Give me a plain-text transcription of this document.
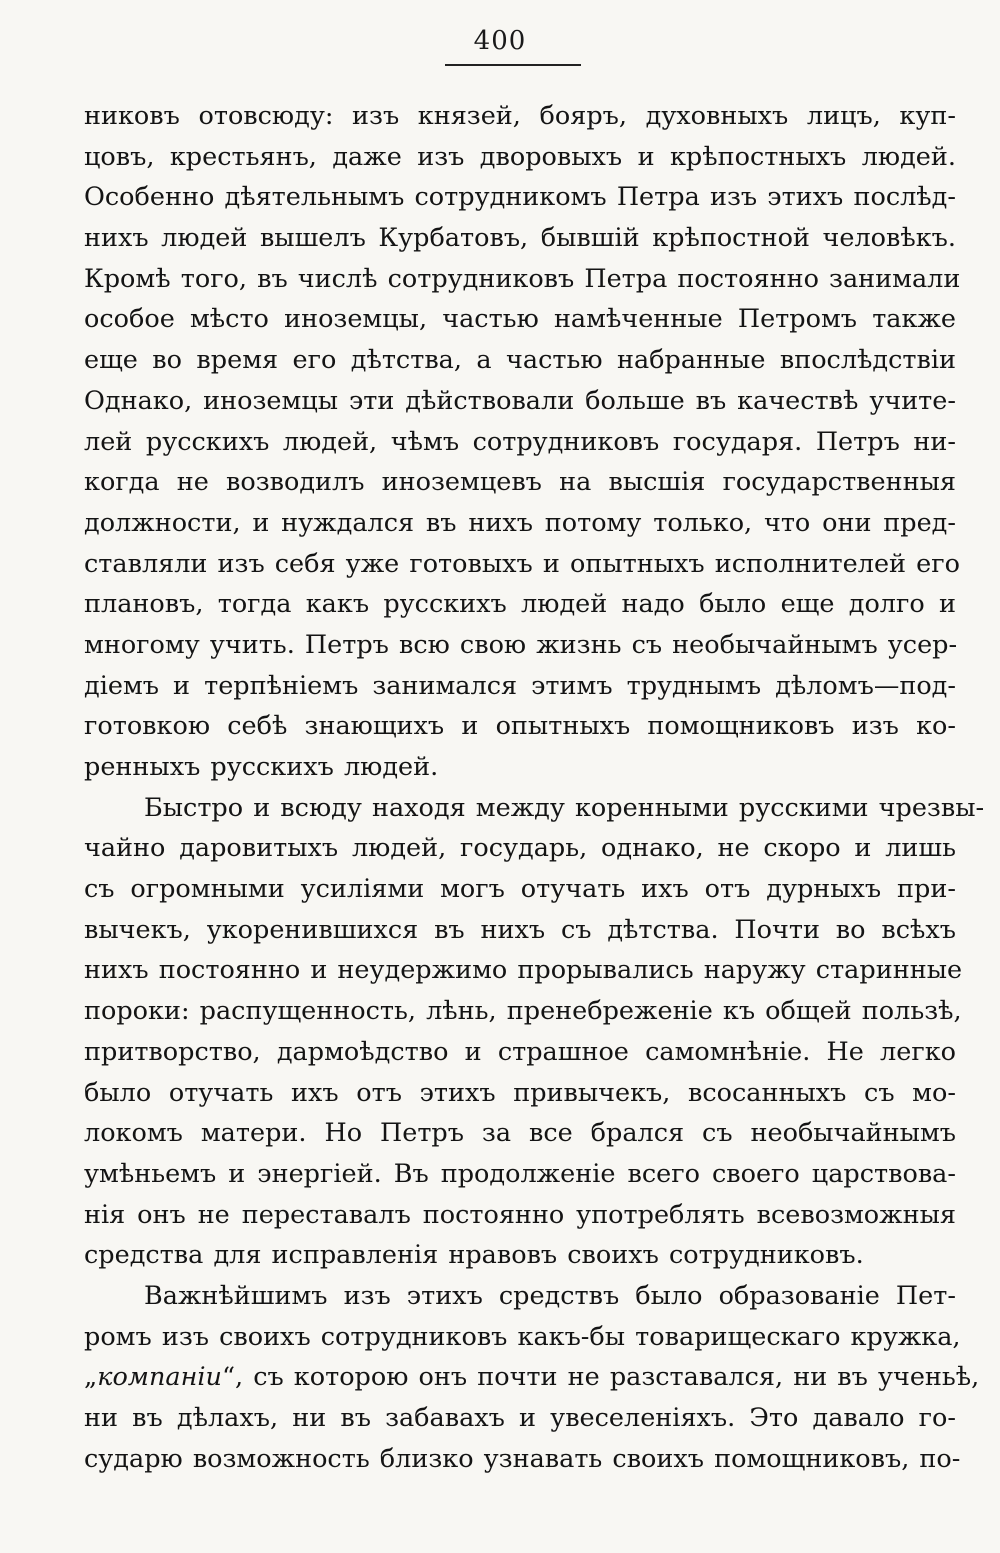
400
никовъ отовсюду: изъ князей, бояръ, духовныхъ лицъ, куп-
цовъ, крестьянъ, даже изъ дворовыхъ и крѣпостныхъ людей.
Особенно дѣятельнымъ сотрудникомъ Петра изъ этихъ послѣд-
нихъ людей вышелъ Курбатовъ, бывшій крѣпостной человѣкъ.
Кромѣ того, въ числѣ сотрудниковъ Петра постоянно занимали
особое мѣсто иноземцы, частью намѣченные Петромъ также
еще во время его дѣтства, а частью набранные впослѣдствіи
Однако, иноземцы эти дѣйствовали больше въ качествѣ учите-
лей русскихъ людей, чѣмъ сотрудниковъ государя. Петръ ни-
когда не возводилъ иноземцевъ на высшія государственныя
должности, и нуждался въ нихъ потому только, что они пред-
ставляли изъ себя уже готовыхъ и опытныхъ исполнителей его
плановъ, тогда какъ русскихъ людей надо было еще долго и
многому учить. Петръ всю свою жизнь съ необычайнымъ усер-
діемъ и терпѣніемъ занимался этимъ труднымъ дѣломъ—под-
готовкою себѣ знающихъ и опытныхъ помощниковъ изъ ко-
ренныхъ русскихъ людей.
Быстро и всюду находя между коренными русскими чрезвы-
чайно даровитыхъ людей, государь, однако, не скоро и лишь
съ огромными усиліями могъ отучать ихъ отъ дурныхъ при-
вычекъ, укоренившихся въ нихъ съ дѣтства. Почти во всѣхъ
нихъ постоянно и неудержимо прорывались наружу старинные
пороки: распущенность, лѣнь, пренебреженіе къ общей пользѣ,
притворство, дармоѣдство и страшное самомнѣніе. Не легко
было отучать ихъ отъ этихъ привычекъ, всосанныхъ съ мо-
локомъ матери. Но Петръ за все брался съ необычайнымъ
умѣньемъ и энергіей. Въ продолженіе всего своего царствова-
нія онъ не переставалъ постоянно употреблять всевозможныя
средства для исправленія нравовъ своихъ сотрудниковъ.
Важнѣйшимъ изъ этихъ средствъ было образованіе Пет-
ромъ изъ своихъ сотрудниковъ какъ-бы товарищескаго кружка,
„компаніи“, съ которою онъ почти не разставался, ни въ ученьѣ,
ни въ дѣлахъ, ни въ забавахъ и увеселеніяхъ. Это давало го-
сударю возможность близко узнавать своихъ помощниковъ, по-
